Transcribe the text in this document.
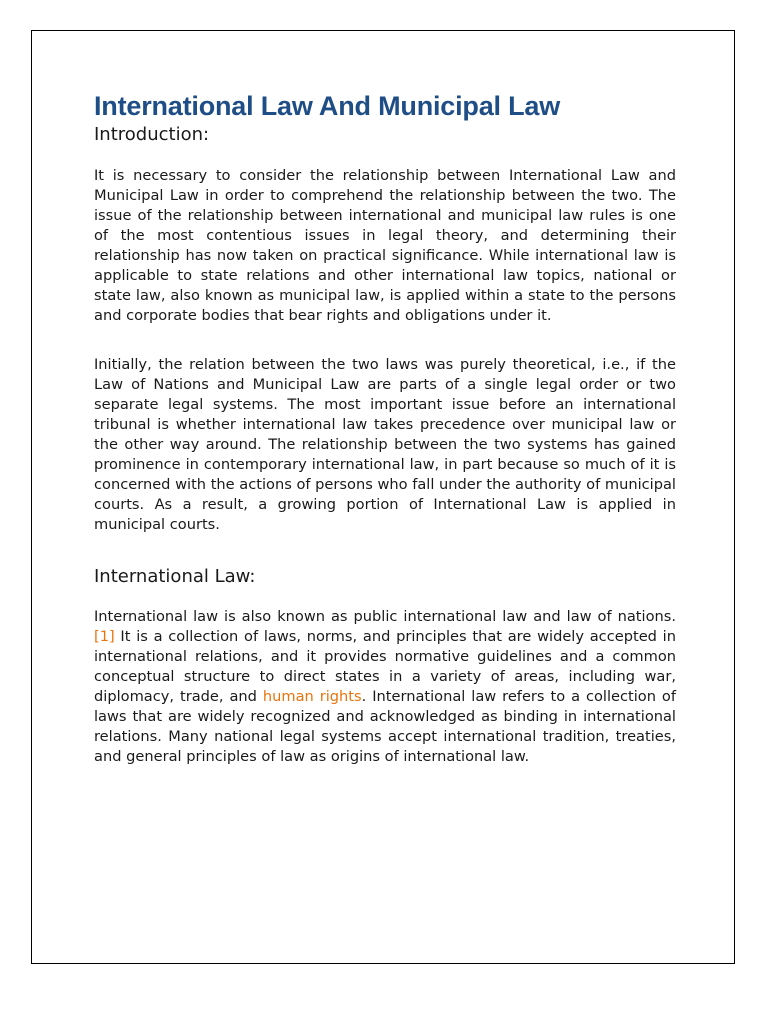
International Law And Municipal Law
Introduction:

It is necessary to consider the relationship between International Law and Municipal Law in order to comprehend the relationship between the two. The issue of the relationship between international and municipal law rules is one of the most contentious issues in legal theory, and determining their relationship has now taken on practical significance. While international law is applicable to state relations and other international law topics, national or state law, also known as municipal law, is applied within a state to the persons and corporate bodies that bear rights and obligations under it.

Initially, the relation between the two laws was purely theoretical, i.e., if the Law of Nations and Municipal Law are parts of a single legal order or two separate legal systems. The most important issue before an international tribunal is whether international law takes precedence over municipal law or the other way around. The relationship between the two systems has gained prominence in contemporary international law, in part because so much of it is concerned with the actions of persons who fall under the authority of municipal courts. As a result, a growing portion of International Law is applied in municipal courts.

International Law:

International law is also known as public international law and law of nations.[1] It is a collection of laws, norms, and principles that are widely accepted in international relations, and it provides normative guidelines and a common conceptual structure to direct states in a variety of areas, including war, diplomacy, trade, and human rights. International law refers to a collection of laws that are widely recognized and acknowledged as binding in international relations. Many national legal systems accept international tradition, treaties, and general principles of law as origins of international law.
